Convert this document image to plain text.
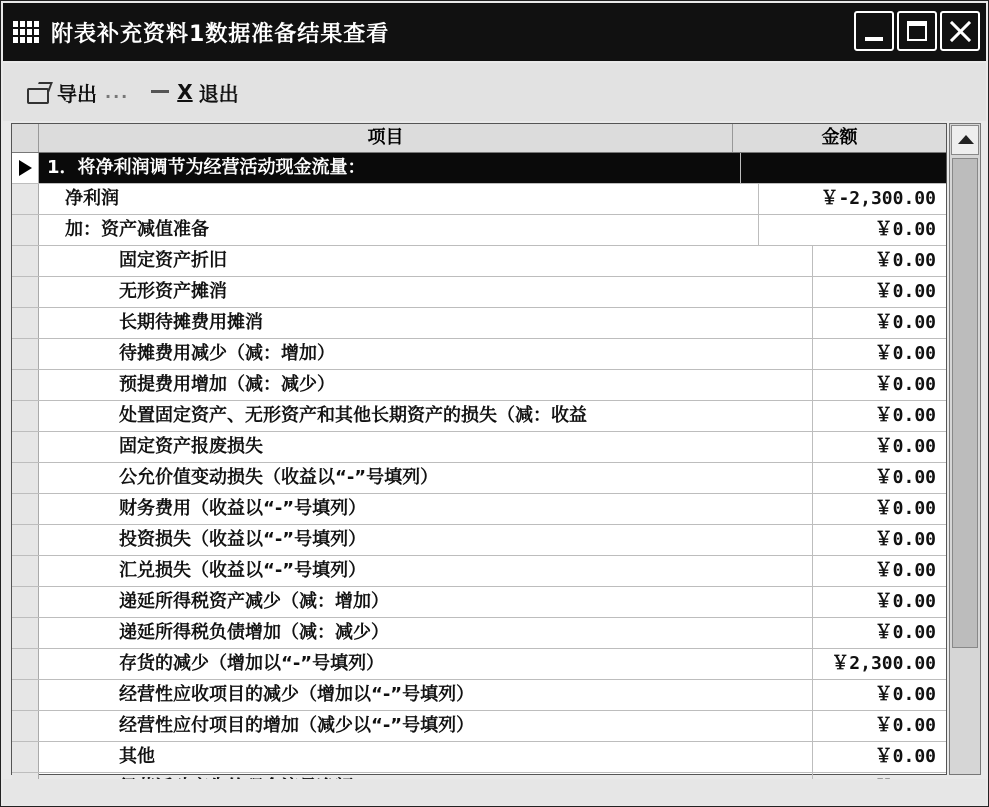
附表补充资料1数据准备结果查看
导出 ... X 退出
项目	金额
1．将净利润调节为经营活动现金流量：
净利润	￥-2,300.00
加：资产减值准备	￥0.00
固定资产折旧	￥0.00
无形资产摊消	￥0.00
长期待摊费用摊消	￥0.00
待摊费用减少（减：增加）	￥0.00
预提费用增加（减：减少）	￥0.00
处置固定资产、无形资产和其他长期资产的损失（减：收益	￥0.00
固定资产报废损失	￥0.00
公允价值变动损失（收益以“-”号填列）	￥0.00
财务费用（收益以“-”号填列）	￥0.00
投资损失（收益以“-”号填列）	￥0.00
汇兑损失（收益以“-”号填列）	￥0.00
递延所得税资产减少（减：增加）	￥0.00
递延所得税负债增加（减：减少）	￥0.00
存货的减少（增加以“-”号填列）	￥2,300.00
经营性应收项目的减少（增加以“-”号填列）	￥0.00
经营性应付项目的增加（减少以“-”号填列）	￥0.00
其他	￥0.00
